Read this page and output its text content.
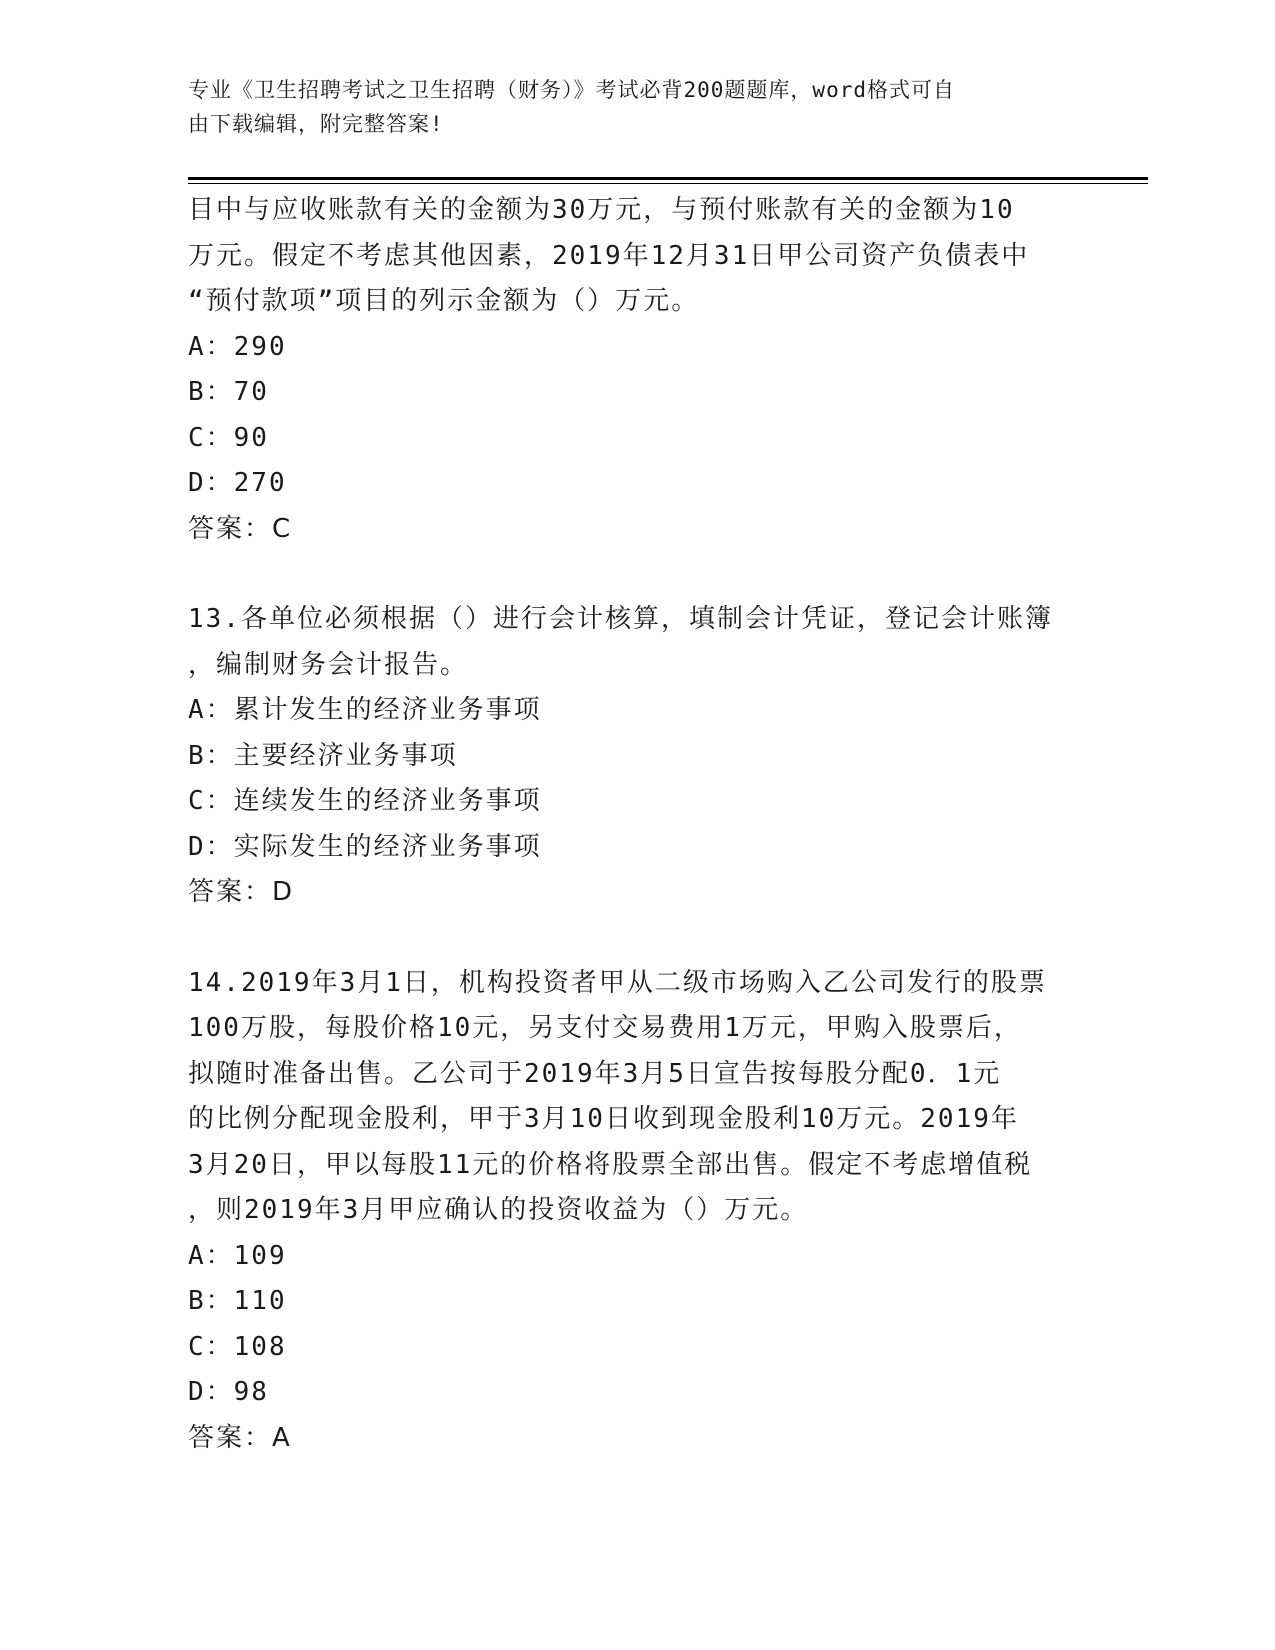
专业《卫生招聘考试之卫生招聘（财务）》考试必背200题题库，word格式可自
由下载编辑，附完整答案!

目中与应收账款有关的金额为30万元，与预付账款有关的金额为10

万元。假定不考虑其他因素，2019年12月31日甲公司资产负债表中

“预付款项”项目的列示金额为（）万元。

A：290

B：70

C：90

D：270

答案：C

13.各单位必须根据（）进行会计核算，填制会计凭证，登记会计账簿

，编制财务会计报告。

A：累计发生的经济业务事项

B：主要经济业务事项

C：连续发生的经济业务事项

D：实际发生的经济业务事项

答案：D

14.2019年3月1日，机构投资者甲从二级市场购入乙公司发行的股票

100万股，每股价格10元，另支付交易费用1万元，甲购入股票后，

拟随时准备出售。乙公司于2019年3月5日宣告按每股分配0．1元

的比例分配现金股利，甲于3月10日收到现金股利10万元。2019年

3月20日，甲以每股11元的价格将股票全部出售。假定不考虑增值税

，则2019年3月甲应确认的投资收益为（）万元。

A：109

B：110

C：108

D：98

答案：A
